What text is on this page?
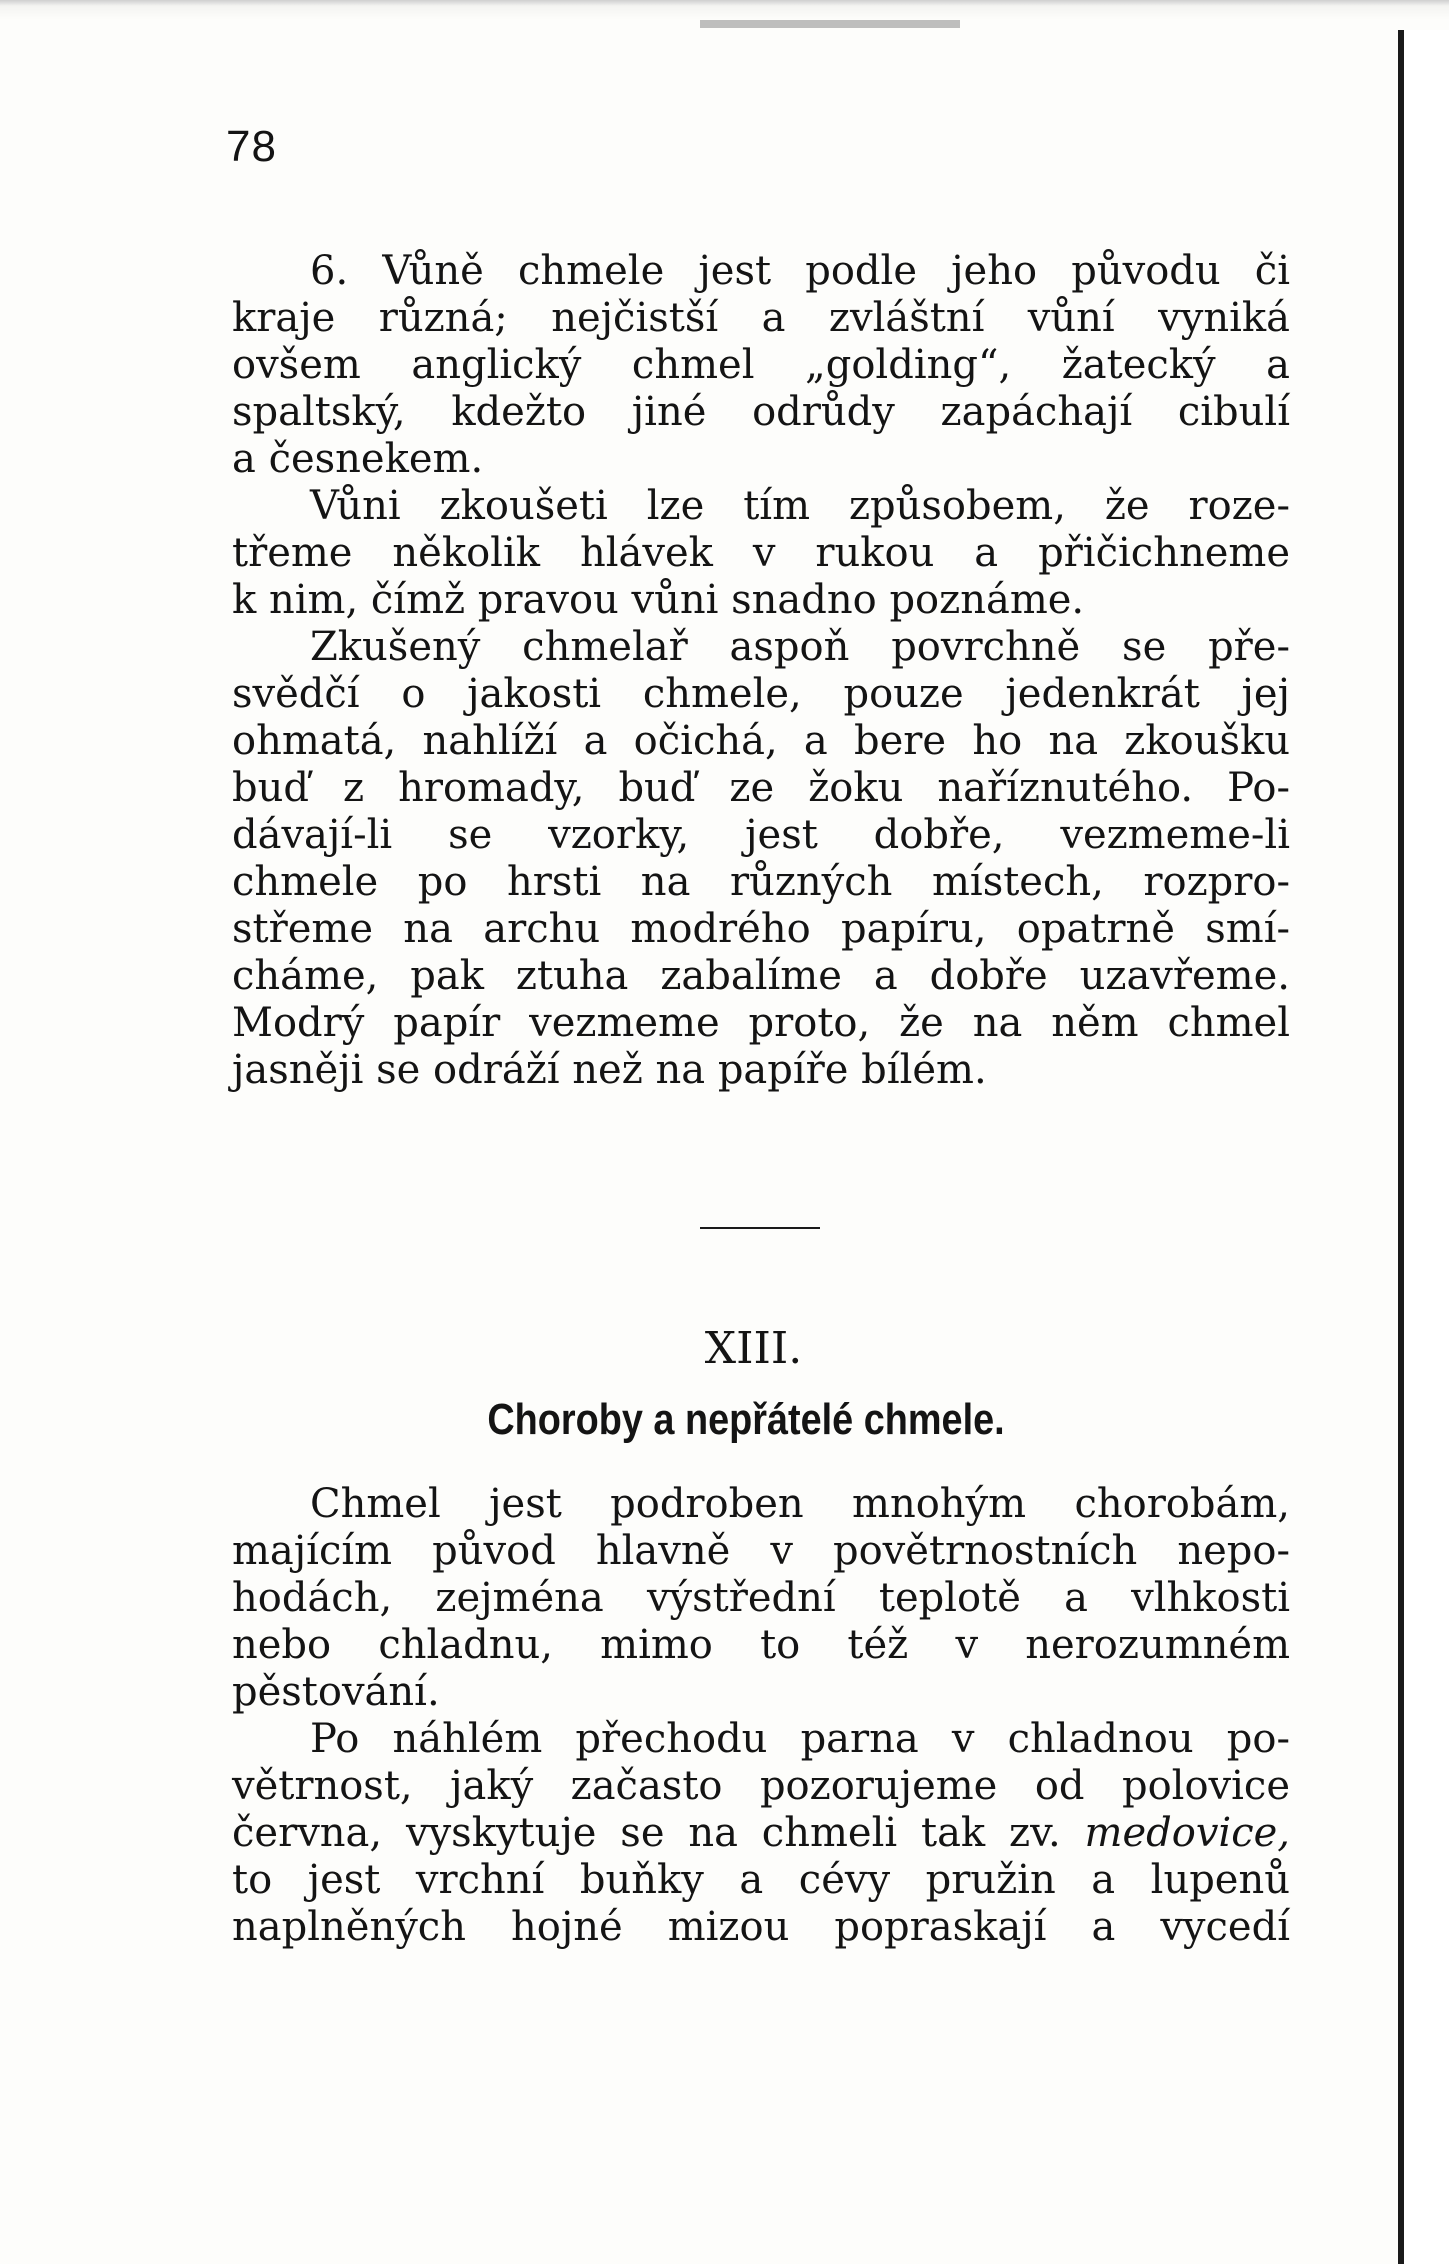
78
6. Vůně chmele jest podle jeho původu či
kraje různá; nejčistší a zvláštní vůní vyniká
ovšem anglický chmel „golding“, žatecký a
spaltský, kdežto jiné odrůdy zapáchají cibulí
a česnekem.
Vůni zkoušeti lze tím způsobem, že roze-
třeme několik hlávek v rukou a přičichneme
k nim, čímž pravou vůni snadno poznáme.
Zkušený chmelař aspoň povrchně se pře-
svědčí o jakosti chmele, pouze jedenkrát jej
ohmatá, nahlíží a očichá, a bere ho na zkoušku
buď z hromady, buď ze žoku naříznutého. Po-
dávají-li se vzorky, jest dobře, vezmeme-li
chmele po hrsti na různých místech, rozpro-
střeme na archu modrého papíru, opatrně smí-
cháme, pak ztuha zabalíme a dobře uzavřeme.
Modrý papír vezmeme proto, že na něm chmel
jasněji se odráží než na papíře bílém.
XIII.
Choroby a nepřátelé chmele.
Chmel jest podroben mnohým chorobám,
majícím původ hlavně v povětrnostních nepo-
hodách, zejména výstřední teplotě a vlhkosti
nebo chladnu, mimo to též v nerozumném
pěstování.
Po náhlém přechodu parna v chladnou po-
větrnost, jaký začasto pozorujeme od polovice
června, vyskytuje se na chmeli tak zv. medovice,
to jest vrchní buňky a cévy pružin a lupenů
naplněných hojné mizou popraskají a vycedí
